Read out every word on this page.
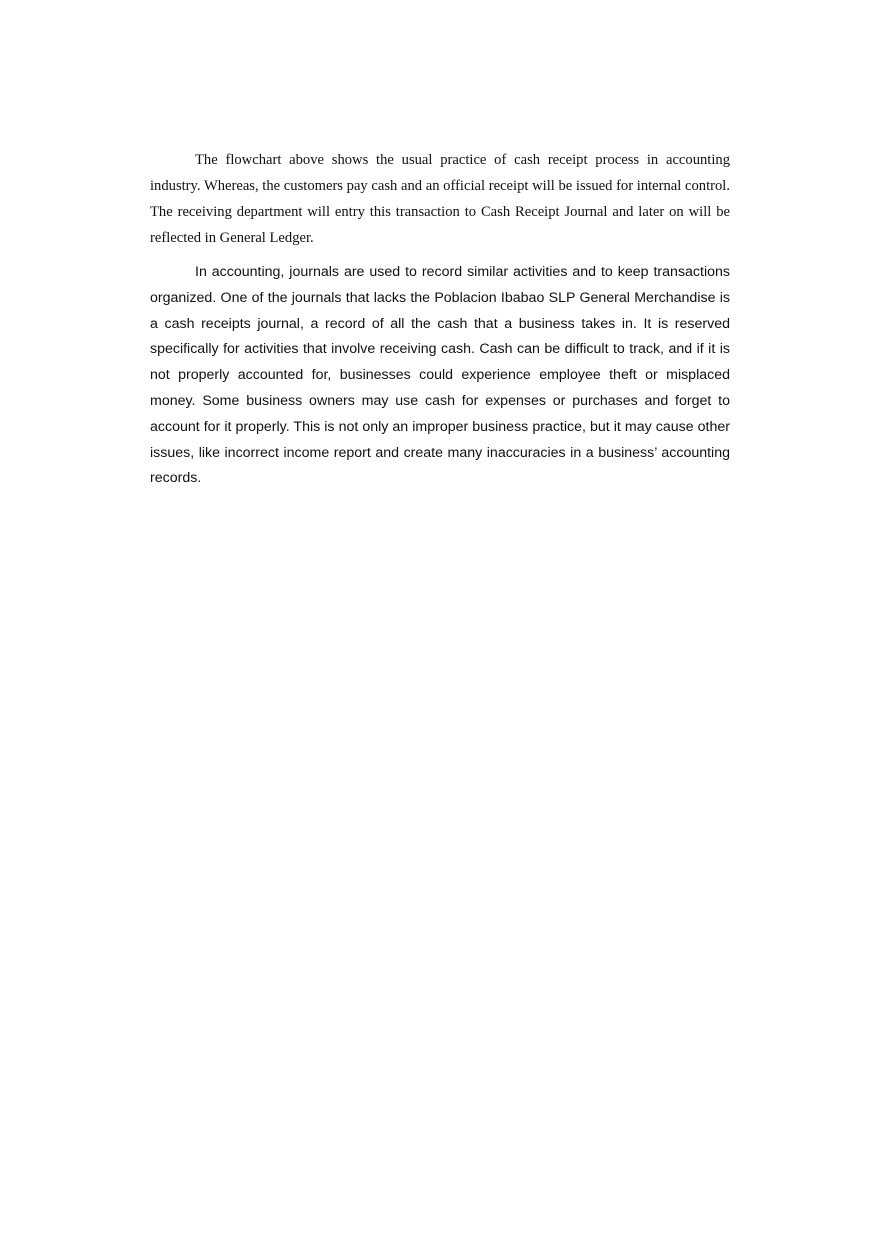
The flowchart above shows the usual practice of cash receipt process in accounting industry. Whereas, the customers pay cash and an official receipt will be issued for internal control. The receiving department will entry this transaction to Cash Receipt Journal and later on will be reflected in General Ledger.

In accounting, journals are used to record similar activities and to keep transactions organized. One of the journals that lacks the Poblacion Ibabao SLP General Merchandise is a cash receipts journal, a record of all the cash that a business takes in. It is reserved specifically for activities that involve receiving cash. Cash can be difficult to track, and if it is not properly accounted for, businesses could experience employee theft or misplaced money. Some business owners may use cash for expenses or purchases and forget to account for it properly. This is not only an improper business practice, but it may cause other issues, like incorrect income report and create many inaccuracies in a business’ accounting records.
